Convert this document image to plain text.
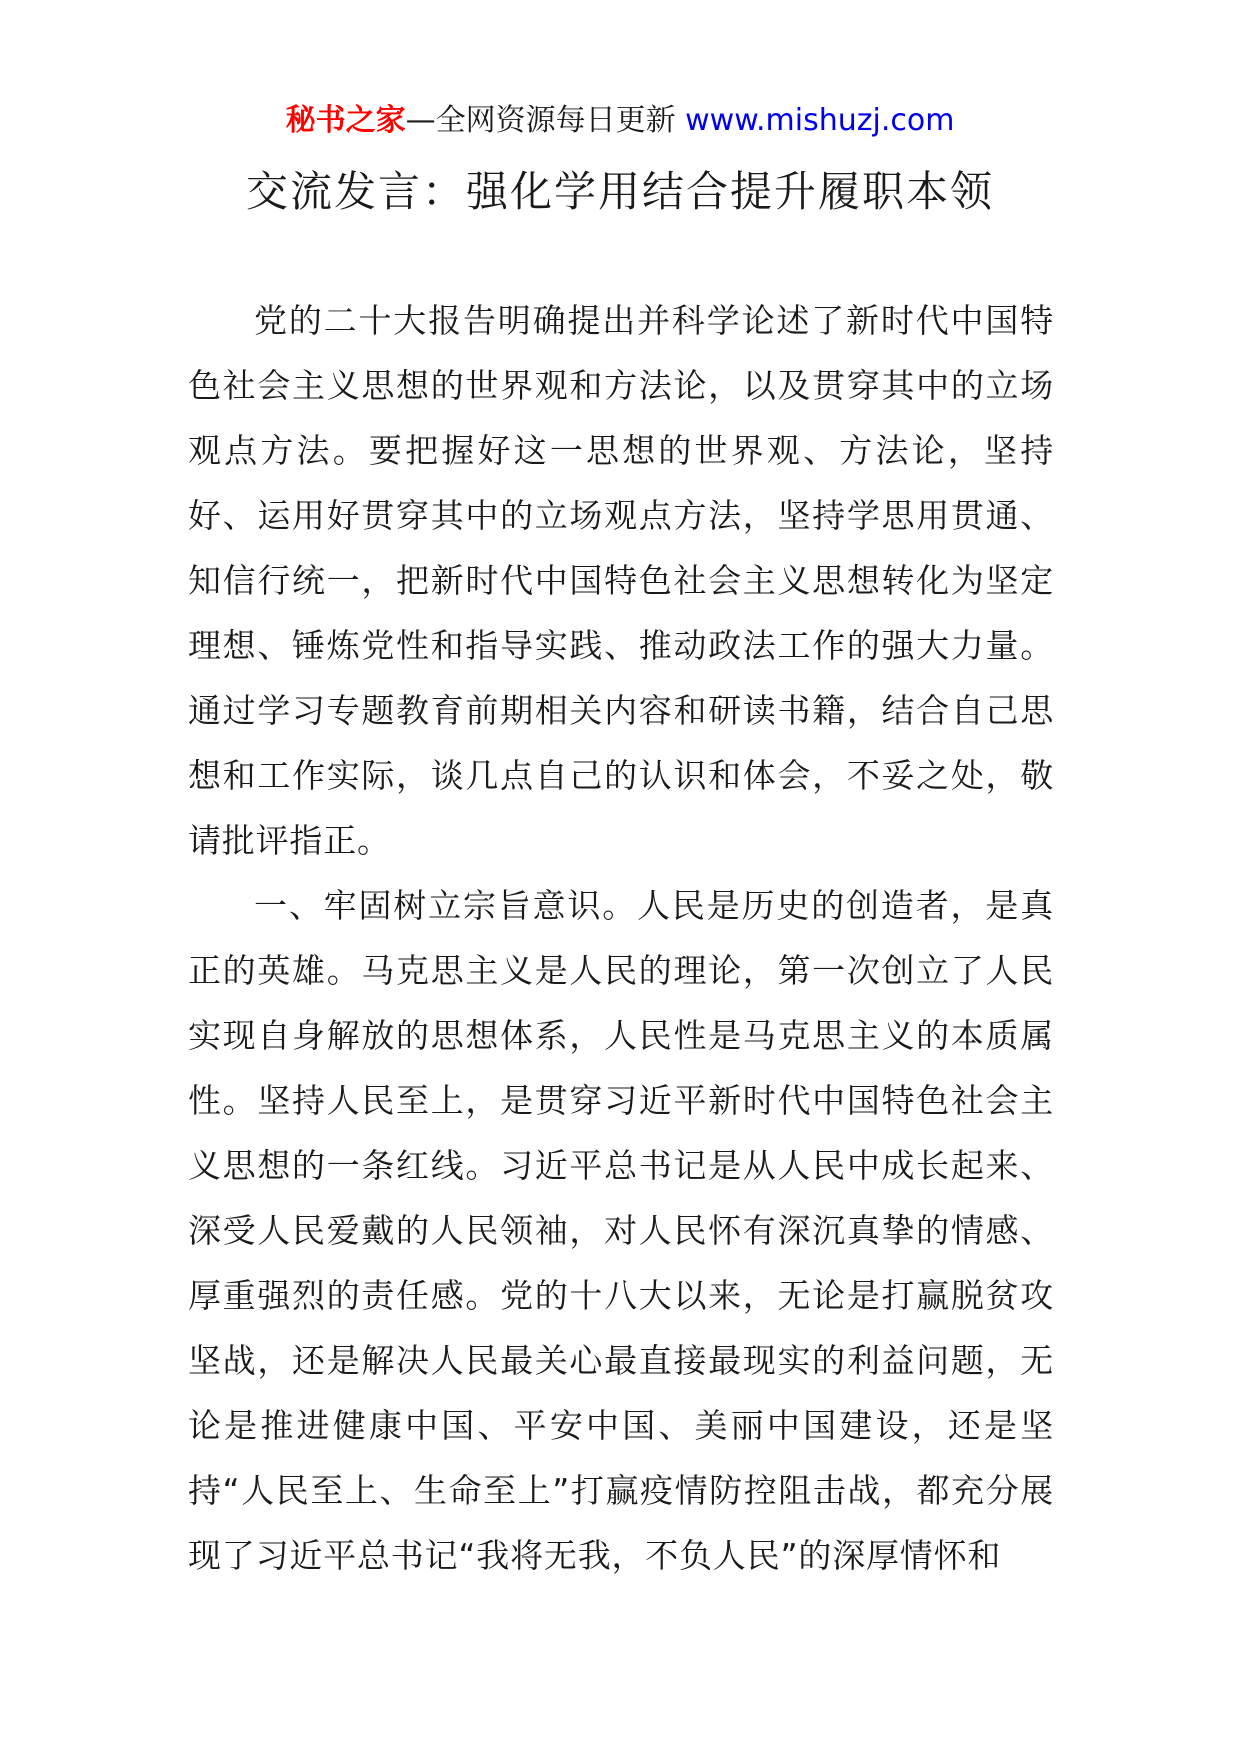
秘书之家—全网资源每日更新 www.mishuzj.com
交流发言：强化学用结合提升履职本领

党的二十大报告明确提出并科学论述了新时代中国特色社会主义思想的世界观和方法论，以及贯穿其中的立场观点方法。要把握好这一思想的世界观、方法论，坚持好、运用好贯穿其中的立场观点方法，坚持学思用贯通、知信行统一，把新时代中国特色社会主义思想转化为坚定理想、锤炼党性和指导实践、推动政法工作的强大力量。通过学习专题教育前期相关内容和研读书籍，结合自己思想和工作实际，谈几点自己的认识和体会，不妥之处，敬请批评指正。

一、牢固树立宗旨意识。人民是历史的创造者，是真正的英雄。马克思主义是人民的理论，第一次创立了人民实现自身解放的思想体系，人民性是马克思主义的本质属性。坚持人民至上，是贯穿习近平新时代中国特色社会主义思想的一条红线。习近平总书记是从人民中成长起来、深受人民爱戴的人民领袖，对人民怀有深沉真挚的情感、厚重强烈的责任感。党的十八大以来，无论是打赢脱贫攻坚战，还是解决人民最关心最直接最现实的利益问题，无论是推进健康中国、平安中国、美丽中国建设，还是坚持“人民至上、生命至上”打赢疫情防控阻击战，都充分展现了习近平总书记“我将无我，不负人民”的深厚情怀和
